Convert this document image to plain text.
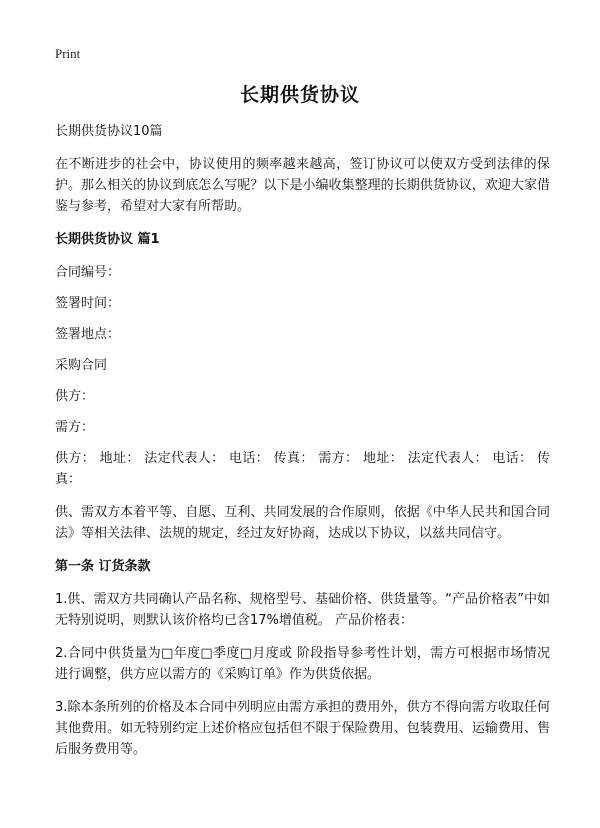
Print
长期供货协议

长期供货协议10篇

在不断进步的社会中，协议使用的频率越来越高，签订协议可以使双方受到法律的保护。那么相关的协议到底怎么写呢？以下是小编收集整理的长期供货协议，欢迎大家借鉴与参考，希望对大家有所帮助。

长期供货协议 篇1

合同编号：

签署时间：

签署地点：

采购合同

供方：

需方：

供方： 地址： 法定代表人： 电话： 传真： 需方： 地址： 法定代表人： 电话： 传真：

供、需双方本着平等、自愿、互利、共同发展的合作原则，依据《中华人民共和国合同法》等相关法律、法规的规定，经过友好协商，达成以下协议，以兹共同信守。

第一条 订货条款

1.供、需双方共同确认产品名称、规格型号、基础价格、供货量等。“产品价格表”中如无特别说明，则默认该价格均已含17%增值税。 产品价格表：

2.合同中供货量为□年度□季度□月度或 阶段指导参考性计划，需方可根据市场情况进行调整，供方应以需方的《采购订单》作为供货依据。

3.除本条所列的价格及本合同中列明应由需方承担的费用外，供方不得向需方收取任何其他费用。如无特别约定上述价格应包括但不限于保险费用、包装费用、运输费用、售后服务费用等。
